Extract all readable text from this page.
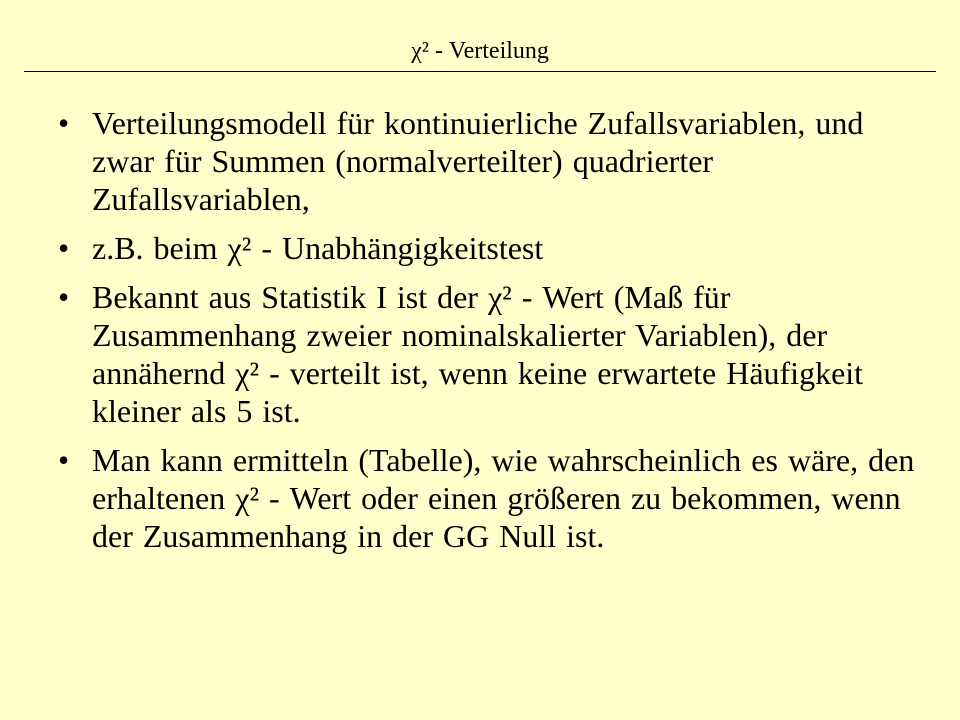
χ² - Verteilung
• Verteilungsmodell für kontinuierliche Zufallsvariablen, und zwar für Summen (normalverteilter) quadrierter Zufallsvariablen,
• z.B. beim χ² - Unabhängigkeitstest
• Bekannt aus Statistik I ist der χ² - Wert (Maß für Zusammenhang zweier nominalskalierter Variablen), der annähernd χ² - verteilt ist, wenn keine erwartete Häufigkeit kleiner als 5 ist.
• Man kann ermitteln (Tabelle), wie wahrscheinlich es wäre, den erhaltenen χ² - Wert oder einen größeren zu bekommen, wenn der Zusammenhang in der GG Null ist.
